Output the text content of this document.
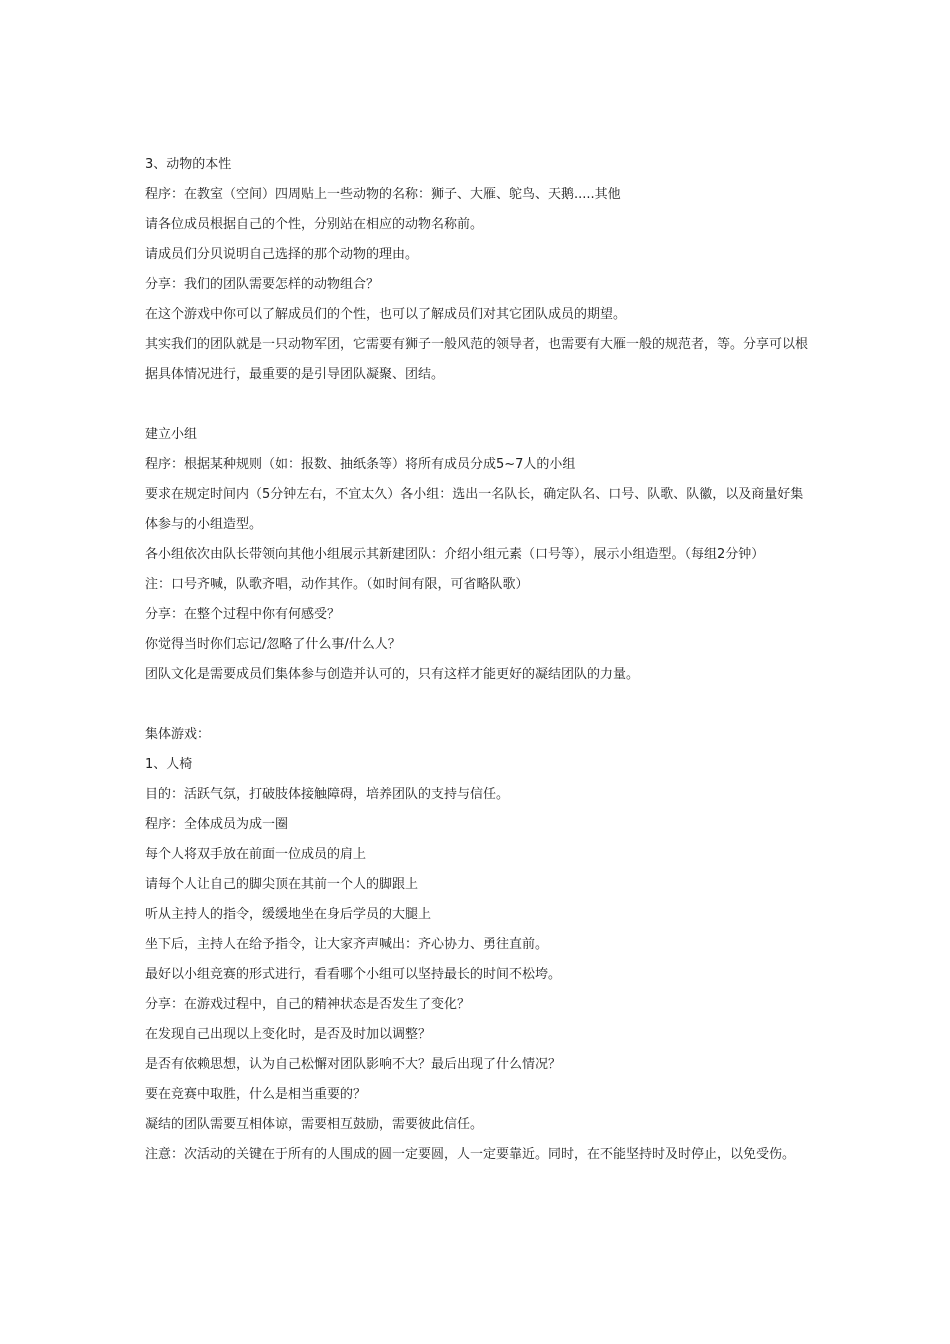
3、动物的本性
程序：在教室（空间）四周贴上一些动物的名称：狮子、大雁、鸵鸟、天鹅.....其他
请各位成员根据自己的个性，分别站在相应的动物名称前。
请成员们分贝说明自己选择的那个动物的理由。
分享：我们的团队需要怎样的动物组合？
在这个游戏中你可以了解成员们的个性，也可以了解成员们对其它团队成员的期望。
其实我们的团队就是一只动物军团，它需要有狮子一般风范的领导者，也需要有大雁一般的规范者，等。分享可以根据具体情况进行，最重要的是引导团队凝聚、团结。
建立小组
程序：根据某种规则（如：报数、抽纸条等）将所有成员分成5~7人的小组
要求在规定时间内（5分钟左右，不宜太久）各小组：选出一名队长，确定队名、口号、队歌、队徽，以及商量好集体参与的小组造型。
各小组依次由队长带领向其他小组展示其新建团队：介绍小组元素（口号等），展示小组造型。（每组2分钟）
注：口号齐喊，队歌齐唱，动作其作。（如时间有限，可省略队歌）
分享：在整个过程中你有何感受？
你觉得当时你们忘记/忽略了什么事/什么人？
团队文化是需要成员们集体参与创造并认可的，只有这样才能更好的凝结团队的力量。
集体游戏：
1、人椅
目的：活跃气氛，打破肢体接触障碍，培养团队的支持与信任。
程序：全体成员为成一圈
每个人将双手放在前面一位成员的肩上
请每个人让自己的脚尖顶在其前一个人的脚跟上
听从主持人的指令，缓缓地坐在身后学员的大腿上
坐下后，主持人在给予指令，让大家齐声喊出：齐心协力、勇往直前。
最好以小组竞赛的形式进行，看看哪个小组可以坚持最长的时间不松垮。
分享：在游戏过程中，自己的精神状态是否发生了变化？
在发现自己出现以上变化时，是否及时加以调整？
是否有依赖思想，认为自己松懈对团队影响不大？最后出现了什么情况？
要在竞赛中取胜，什么是相当重要的？
凝结的团队需要互相体谅，需要相互鼓励，需要彼此信任。
注意：次活动的关键在于所有的人围成的圆一定要圆，人一定要靠近。同时，在不能坚持时及时停止，以免受伤。
